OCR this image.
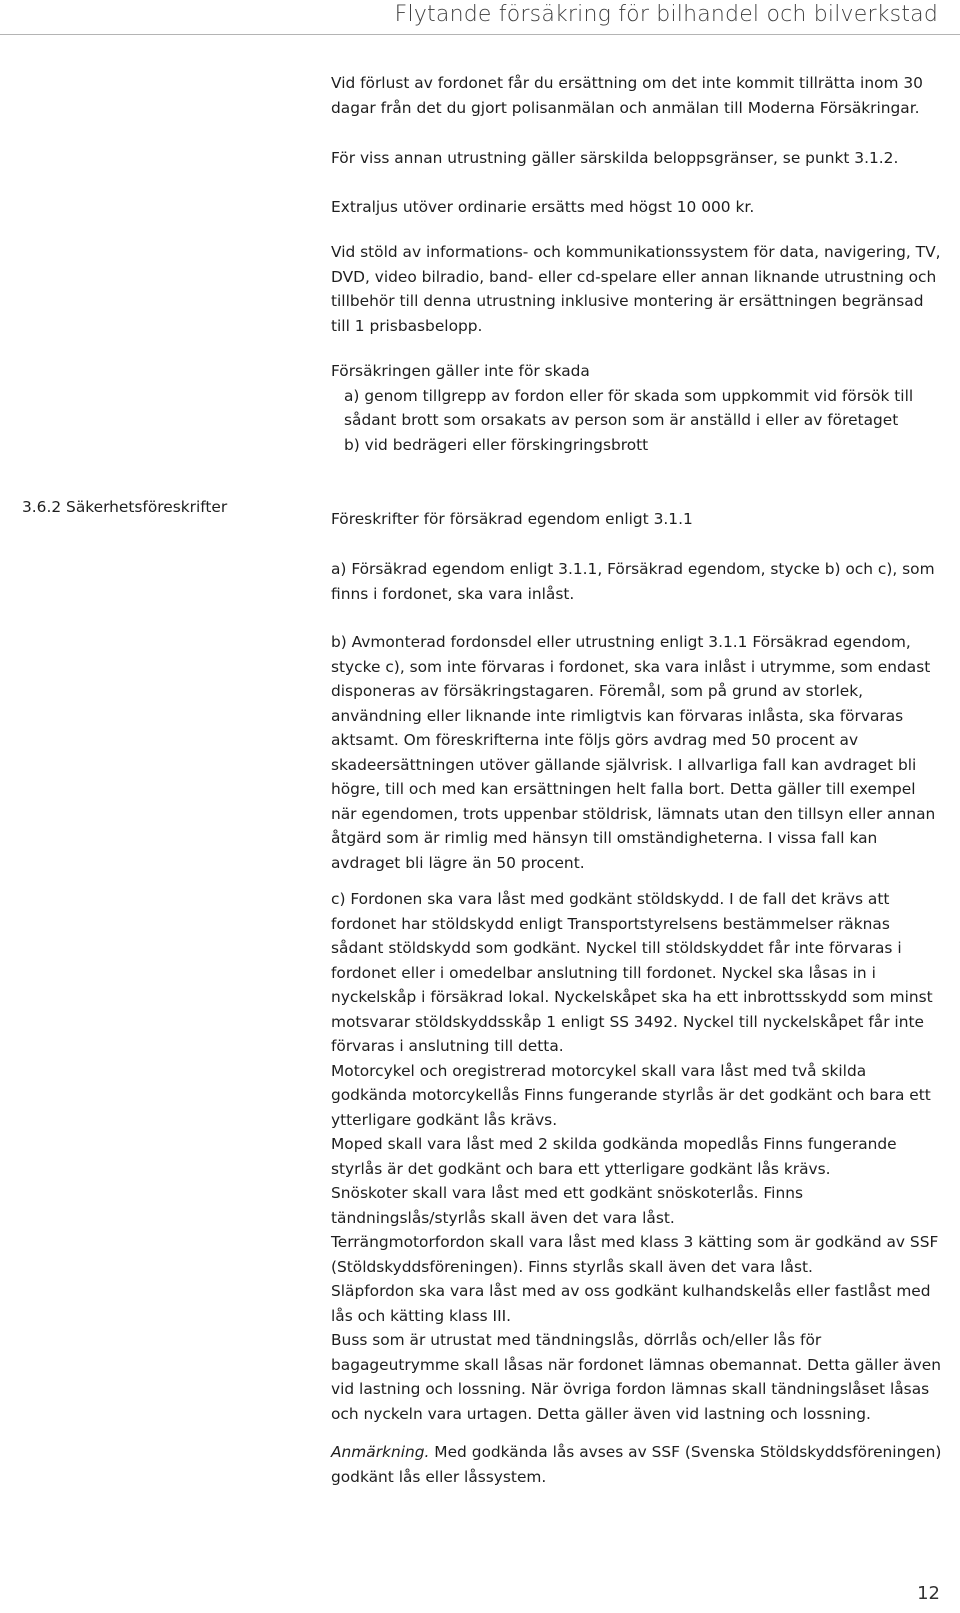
Flytande försäkring för bilhandel och bilverkstad

Vid förlust av fordonet får du ersättning om det inte kommit tillrätta inom 30 dagar från det du gjort polisanmälan och anmälan till Moderna Försäkringar.

För viss annan utrustning gäller särskilda beloppsgränser, se punkt 3.1.2.

Extraljus utöver ordinarie ersätts med högst 10 000 kr.

Vid stöld av informations- och kommunikationssystem för data, navigering, TV, DVD, video bilradio, band- eller cd-spelare eller annan liknande utrustning och tillbehör till denna utrustning inklusive montering är ersättningen begränsad till 1 prisbasbelopp.

Försäkringen gäller inte för skada

a) genom tillgrepp av fordon eller för skada som uppkommit vid försök till sådant brott som orsakats av person som är anställd i eller av företaget

b) vid bedrägeri eller förskingringsbrott

3.6.2 Säkerhetsföreskrifter

Föreskrifter för försäkrad egendom enligt 3.1.1

a) Försäkrad egendom enligt 3.1.1, Försäkrad egendom, stycke b) och c), som finns i fordonet, ska vara inlåst.

b) Avmonterad fordonsdel eller utrustning enligt 3.1.1 Försäkrad egendom, stycke c), som inte förvaras i fordonet, ska vara inlåst i utrymme, som endast disponeras av försäkringstagaren. Föremål, som på grund av storlek, användning eller liknande inte rimligtvis kan förvaras inlåsta, ska förvaras aktsamt. Om föreskrifterna inte följs görs avdrag med 50 procent av skadeersättningen utöver gällande självrisk. I allvarliga fall kan avdraget bli högre, till och med kan ersättningen helt falla bort. Detta gäller till exempel när egendomen, trots uppenbar stöldrisk, lämnats utan den tillsyn eller annan åtgärd som är rimlig med hänsyn till omständigheterna. I vissa fall kan avdraget bli lägre än 50 procent.

c) Fordonen ska vara låst med godkänt stöldskydd. I de fall det krävs att fordonet har stöldskydd enligt Transportstyrelsens bestämmelser räknas sådant stöldskydd som godkänt. Nyckel till stöldskyddet får inte förvaras i fordonet eller i omedelbar anslutning till fordonet. Nyckel ska låsas in i nyckelskåp i försäkrad lokal. Nyckelskåpet ska ha ett inbrottsskydd som minst motsvarar stöldskyddsskåp 1 enligt SS 3492. Nyckel till nyckelskåpet får inte förvaras i anslutning till detta.

Motorcykel och oregistrerad motorcykel skall vara låst med två skilda godkända motorcykellås Finns fungerande styrlås är det godkänt och bara ett ytterligare godkänt lås krävs.

Moped skall vara låst med 2 skilda godkända mopedlås Finns fungerande styrlås är det godkänt och bara ett ytterligare godkänt lås krävs.

Snöskoter skall vara låst med ett godkänt snöskoterlås. Finns tändningslås/styrlås skall även det vara låst.

Terrängmotorfordon skall vara låst med klass 3 kätting som är godkänd av SSF (Stöldskyddsföreningen). Finns styrlås skall även det vara låst.

Släpfordon ska vara låst med av oss godkänt kulhandskelås eller fastlåst med lås och kätting klass III.

Buss som är utrustat med tändningslås, dörrlås och/eller lås för bagageutrymme skall låsas när fordonet lämnas obemannat. Detta gäller även vid lastning och lossning. När övriga fordon lämnas skall tändningslåset låsas och nyckeln vara urtagen. Detta gäller även vid lastning och lossning.

Anmärkning. Med godkända lås avses av SSF (Svenska Stöldskyddsföreningen) godkänt lås eller låssystem.

12
